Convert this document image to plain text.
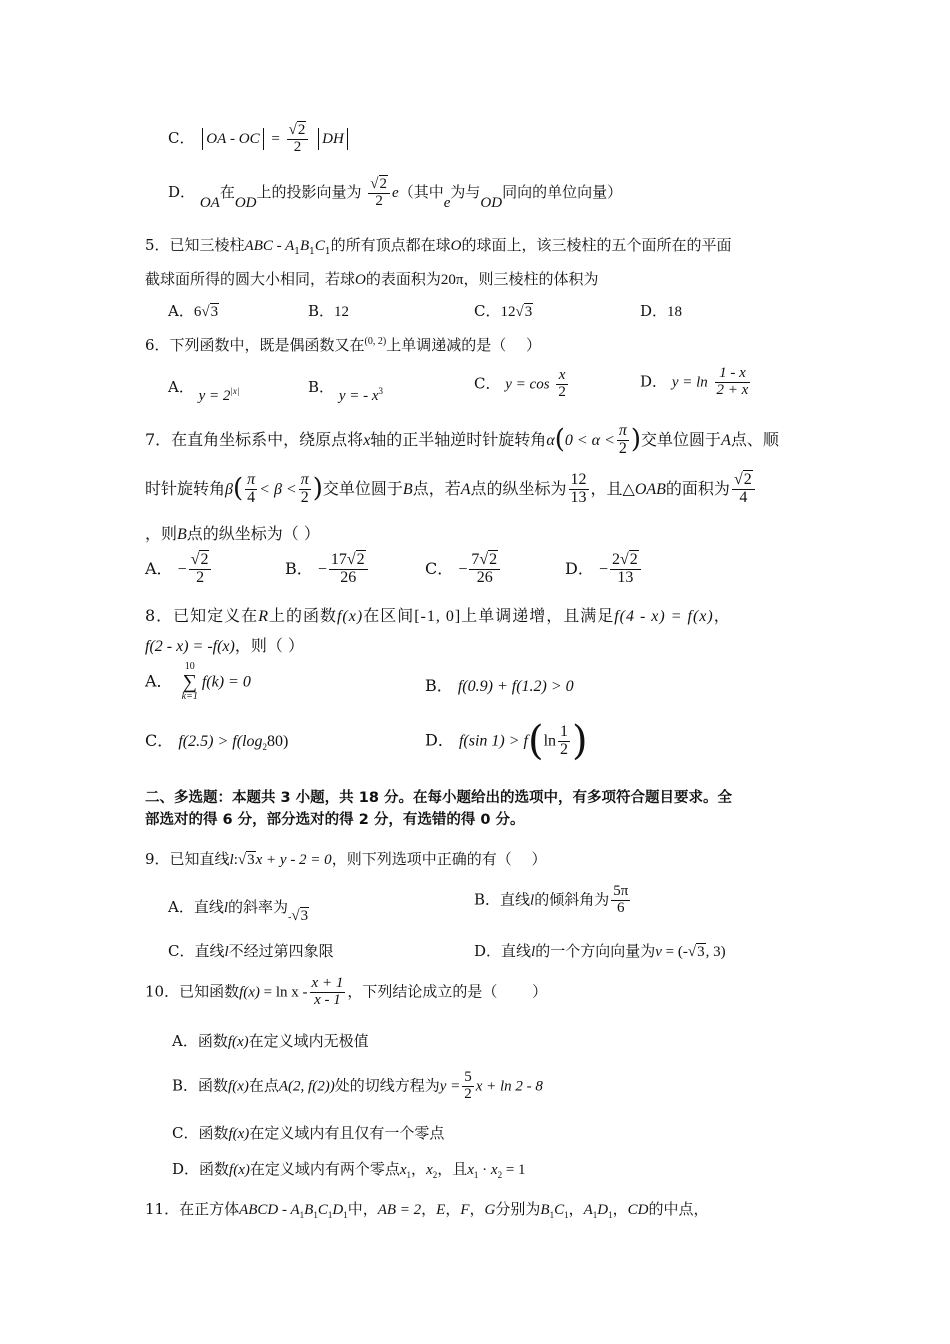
C． OA - OC = $\frac{√2}{2}$ DH
D． OA在OD上的投影向量为 $\frac{√2}{2} e$（其中e为与OD同向的单位向量）
5．已知三棱柱ABC - $A_1B_1C_1$的所有顶点都在球O的球面上，该三棱柱的五个面所在的平面
截球面所得的圆大小相同，若球O的表面积为20π，则三棱柱的体积为
A．6√3	B．12	C．12√3	D．18
6．下列函数中，既是偶函数又在$^{(0, 2)}$上单调递减的是（　 ）
A． $y = 2^{|x|}$	B． y = - $x^3$	C． $y = \cos \frac{x}{2}$	D． $y = \ln \frac{1 - x}{2 + x}$
7．在直角坐标系中，绕原点将x轴的正半轴逆时针旋转角$\alpha(0 < \alpha < \frac{\pi}{2}$ )交单位圆于A点、顺
时针旋转角$\beta( \frac{\pi}{4} < \beta < \frac{\pi}{2}$ )交单位圆于B点，若A点的纵坐标为 $\frac{12}{13}$ ，且△OAB的面积为 $\frac{√2}{4}$
，则B点的纵坐标为（ ）
A． − $\frac{√2}{2}$	B． − $\frac{17√2}{26}$	C． − $\frac{7√2}{26}$	D． − $\frac{2√2}{13}$
8．已知定义在R上的函数f(x)在区间[-1, 0]上单调递增，且满足f(4 - x) = f(x)，
f(2 - x) = -f(x)，则（ ）
A．
10
∑
k=1
f(k) = 0	B． f(0.9) + f(1.2) > 0
C． $f(2.5) > f(\log_280)$	D． f(sin $1) > f(\ln \frac{1}{2}$ )
二、多选题：本题共 3 小题，共 18 分。在每小题给出的选项中，有多项符合题目要求。全
部选对的得 6 分，部分选对的得 2 分，有选错的得 0 分。
9．已知直线l:√3x + y - 2 = 0，则下列选项中正确的有（　 ）
A．直线l的斜率为$_-$√3
B．直线l的倾斜角为 $\frac{5\pi}{6}$
C．直线l不经过第四象限	D．直线l的一个方向向量为v = (-√3, 3)
10．已知函数$f(x) = \ln x - \frac{x + 1}{x - 1}$ ，下列结论成立的是（　 　）
A．函数f(x)在定义域内无极值
B．函数f(x)在点A(2, f(2))处的切线方程为$y = \frac{5}{2}$ x + ln 2 - 8
C．函数f(x)在定义域内有且仅有一个零点
D．函数f(x)在定义域内有两个零点$x_1$，$x_2$，且$x_1 \cdot x_2 = 1$
11．在正方体ABCD - $A_1B_1C_1D_1$中，AB = 2，E，F，G分别为$B_1C_1$，$A_1D_1$，CD的中点，
